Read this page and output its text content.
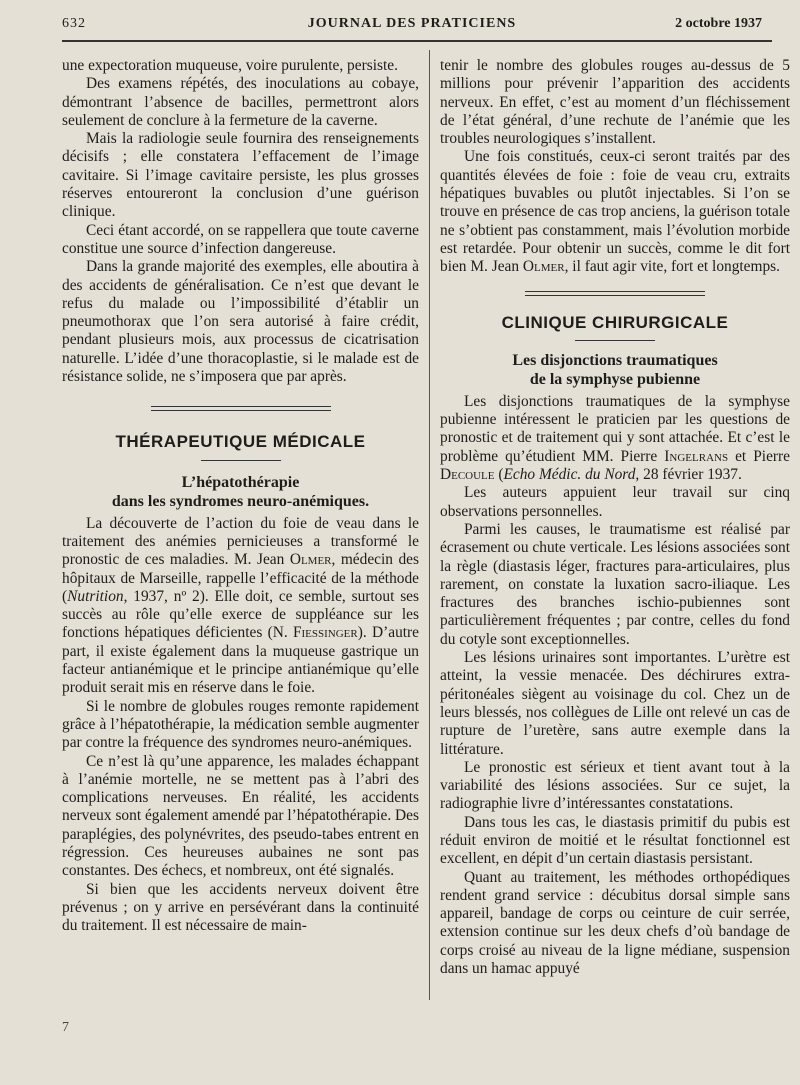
632	JOURNAL DES PRATICIENS	2 octobre 1937

une expectoration muqueuse, voire purulente, persiste.

Des examens répétés, des inoculations au cobaye, démontrant l’absence de bacilles, permettront alors seulement de conclure à la fermeture de la caverne.

Mais la radiologie seule fournira des renseignements décisifs ; elle constatera l’effacement de l’image cavitaire. Si l’image cavitaire persiste, les plus grosses réserves entoureront la conclusion d’une guérison clinique.

Ceci étant accordé, on se rappellera que toute caverne constitue une source d’infection dangereuse.

Dans la grande majorité des exemples, elle aboutira à des accidents de généralisation. Ce n’est que devant le refus du malade ou l’impossibilité d’établir un pneumothorax que l’on sera autorisé à faire crédit, pendant plusieurs mois, aux processus de cicatrisation naturelle. L’idée d’une thoracoplastie, si le malade est de résistance solide, ne s’imposera que par après.

THÉRAPEUTIQUE MÉDICALE
L’hépatothérapie
dans les syndromes neuro-anémiques.

La découverte de l’action du foie de veau dans le traitement des anémies pernicieuses a transformé le pronostic de ces maladies. M. Jean Olmer, médecin des hôpitaux de Marseille, rappelle l’efficacité de la méthode (Nutrition, 1937, nº 2). Elle doit, ce semble, surtout ses succès au rôle qu’elle exerce de suppléance sur les fonctions hépatiques déficientes (N. Fiessinger). D’autre part, il existe également dans la muqueuse gastrique un facteur antianémique et le principe antianémique qu’elle produit serait mis en réserve dans le foie.

Si le nombre de globules rouges remonte rapidement grâce à l’hépatothérapie, la médication semble augmenter par contre la fréquence des syndromes neuro-anémiques.

Ce n’est là qu’une apparence, les malades échappant à l’anémie mortelle, ne se mettent pas à l’abri des complications nerveuses. En réalité, les accidents nerveux sont également amendé par l’hépatothérapie. Des paraplégies, des polynévrites, des pseudo-tabes entrent en régression. Ces heureuses aubaines ne sont pas constantes. Des échecs, et nombreux, ont été signalés.

Si bien que les accidents nerveux doivent être prévenus ; on y arrive en persévérant dans la continuité du traitement. Il est nécessaire de main-

tenir le nombre des globules rouges au-dessus de 5 millions pour prévenir l’apparition des accidents nerveux. En effet, c’est au moment d’un fléchissement de l’état général, d’une rechute de l’anémie que les troubles neurologiques s’installent.

Une fois constitués, ceux-ci seront traités par des quantités élevées de foie : foie de veau cru, extraits hépatiques buvables ou plutôt injectables. Si l’on se trouve en présence de cas trop anciens, la guérison totale ne s’obtient pas constamment, mais l’évolution morbide est retardée. Pour obtenir un succès, comme le dit fort bien M. Jean Olmer, il faut agir vite, fort et longtemps.

CLINIQUE CHIRURGICALE
Les disjonctions traumatiques
de la symphyse pubienne

Les disjonctions traumatiques de la symphyse pubienne intéressent le praticien par les questions de pronostic et de traitement qui y sont attachée. Et c’est le problème qu’étudient MM. Pierre Ingelrans et Pierre Decoule (Echo Médic. du Nord, 28 février 1937.

Les auteurs appuient leur travail sur cinq observations personnelles.

Parmi les causes, le traumatisme est réalisé par écrasement ou chute verticale. Les lésions associées sont la règle (diastasis léger, fractures para-articulaires, plus rarement, on constate la luxation sacro-iliaque. Les fractures des branches ischio-pubiennes sont particulièrement fréquentes ; par contre, celles du fond du cotyle sont exceptionnelles.

Les lésions urinaires sont importantes. L’urètre est atteint, la vessie menacée. Des déchirures extra-péritonéales siègent au voisinage du col. Chez un de leurs blessés, nos collègues de Lille ont relevé un cas de rupture de l’uretère, sans autre exemple dans la littérature.

Le pronostic est sérieux et tient avant tout à la variabilité des lésions associées. Sur ce sujet, la radiographie livre d’intéressantes constatations.

Dans tous les cas, le diastasis primitif du pubis est réduit environ de moitié et le résultat fonctionnel est excellent, en dépit d’un certain diastasis persistant.

Quant au traitement, les méthodes orthopédiques rendent grand service : décubitus dorsal simple sans appareil, bandage de corps ou ceinture de cuir serrée, extension continue sur les deux chefs d’où bandage de corps croisé au niveau de la ligne médiane, suspension dans un hamac appuyé

7
